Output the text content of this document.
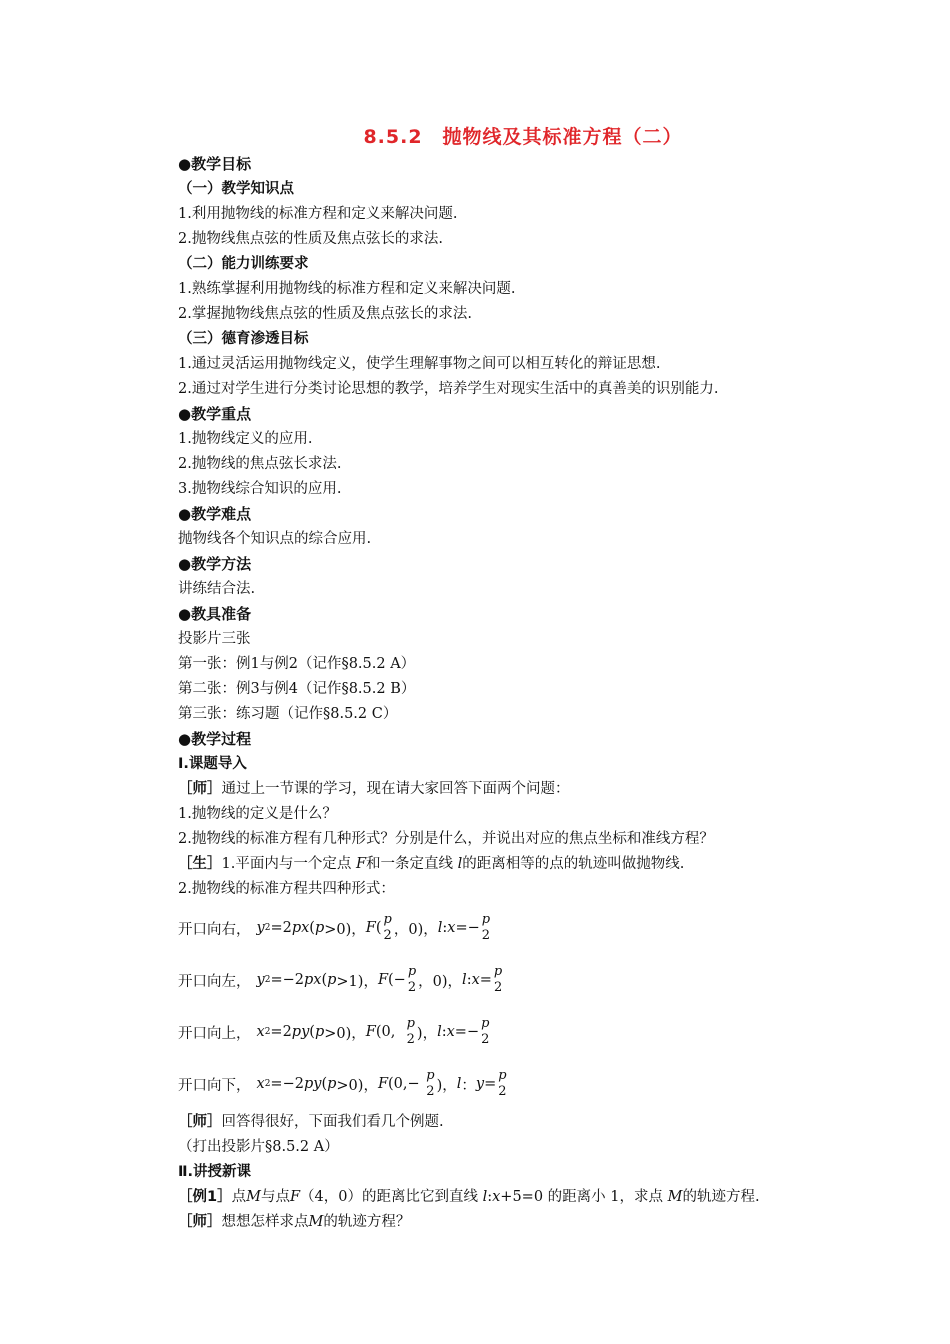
8.5.2　抛物线及其标准方程（二）
●教学目标
（一）教学知识点
1.利用抛物线的标准方程和定义来解决问题.
2.抛物线焦点弦的性质及焦点弦长的求法.
（二）能力训练要求
1.熟练掌握利用抛物线的标准方程和定义来解决问题.
2.掌握抛物线焦点弦的性质及焦点弦长的求法.
（三）德育渗透目标
1.通过灵活运用抛物线定义，使学生理解事物之间可以相互转化的辩证思想.
2.通过对学生进行分类讨论思想的教学，培养学生对现实生活中的真善美的识别能力.
●教学重点
1.抛物线定义的应用.
2.抛物线的焦点弦长求法.
3.抛物线综合知识的应用.
●教学难点
抛物线各个知识点的综合应用.
●教学方法
讲练结合法.
●教具准备
投影片三张
第一张：例1与例2（记作§8.5.2 A）
第二张：例3与例4（记作§8.5.2 B）
第三张：练习题（记作§8.5.2 C）
●教学过程
Ⅰ.课题导入
［师］通过上一节课的学习，现在请大家回答下面两个问题：
1.抛物线的定义是什么？
2.抛物线的标准方程有几种形式？分别是什么，并说出对应的焦点坐标和准线方程？
［生］1.平面内与一个定点 F和一条定直线 l的距离相等的点的轨迹叫做抛物线.
2.抛物线的标准方程共四种形式：
开口向右， y 2 =2 px ( p >0)， F (
p
2 ，0)， l : x =−
p
2
开口向左， y 2 =−2 px ( p >1)， F (−
p
2 ，0)， l : x =
p
2
开口向上， x 2 =2 py ( p >0)， F (0,
p
2 )， l : x =−
p
2
开口向下， x 2 =−2 py ( p >0)， F (0,−
p
2 )， l ： y =
p
2
［师］回答得很好，下面我们看几个例题.
（打出投影片§8.5.2 A）
Ⅱ.讲授新课
［例1］点M与点F（4，0）的距离比它到直线 l:x+5=0 的距离小 1，求点 M的轨迹方程.
［师］想想怎样求点M的轨迹方程？
